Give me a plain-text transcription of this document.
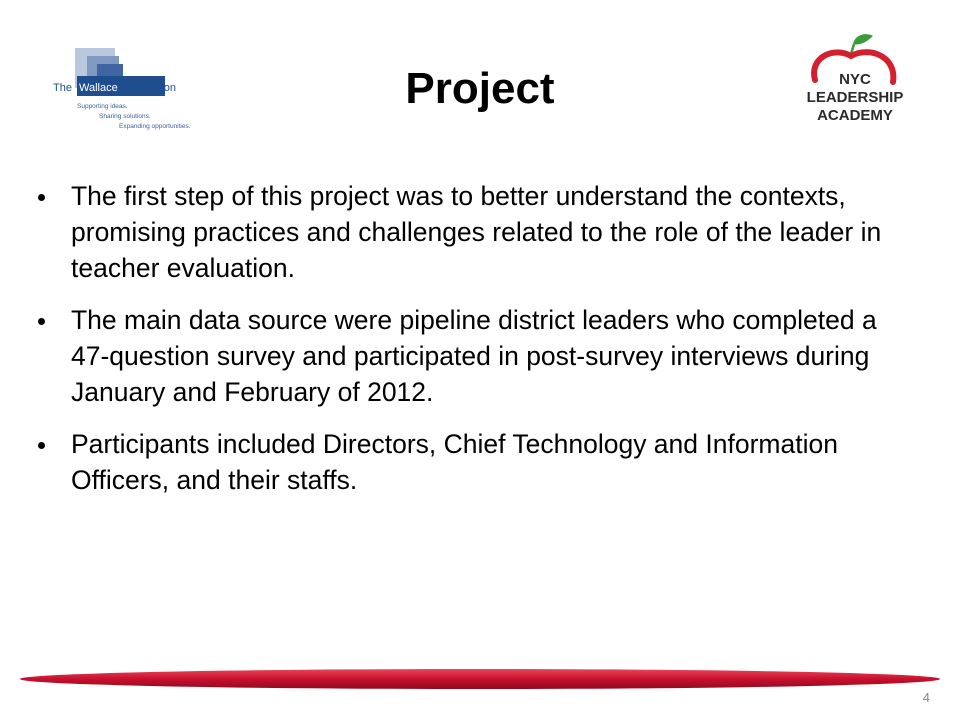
The Wallace Foundation
Supporting ideas.
Sharing solutions.
Expanding opportunities.
NYC
LEADERSHIP
ACADEMY
Project
The first step of this project was to better understand the contexts, promising practices and challenges related to the role of the leader in teacher evaluation.
The main data source were pipeline district leaders who completed a 47-question survey and participated in post-survey interviews during January and February of 2012.
Participants included Directors, Chief Technology and Information Officers, and their staffs.
4
